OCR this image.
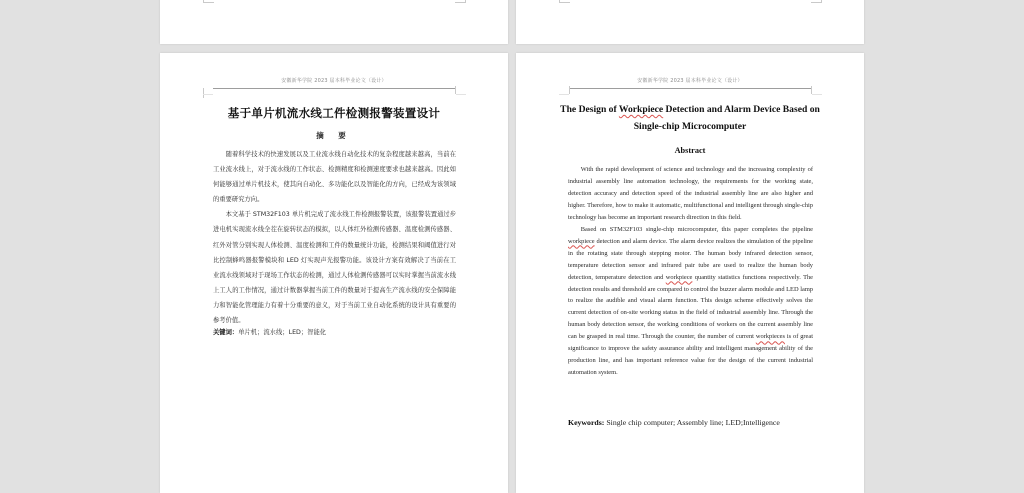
安徽新华学院 2023 届本科毕业论文（设计）
基于单片机流水线工件检测报警装置设计
摘 要

随着科学技术的快速发展以及工业流水线自动化技术的复杂程度越来越高，当前在工业流水线上，对于流水线的工作状态、检测精度和检测速度要求也越来越高。因此如何能够通过单片机技术，使其向自动化、多功能化以及智能化的方向，已经成为该领域的重要研究方向。

本文基于 STM32F103 单片机完成了流水线工件检测报警装置，该报警装置通过步进电机实现流水线全茬在旋转状态的模拟，以人体红外检测传感器、温度检测传感器、红外对管分别实现人体检测、温度检测和工件的数量统计功能，检测结果和阈值进行对比控制蜂鸣器报警模块和 LED 灯实现声光报警功能。该设计方案有效解决了当前在工业流水线领域对于现场工作状态的检测，通过人体检测传感器可以实时掌握当前流水线上工人的工作情况，通过计数器掌握当前工件的数量对于提高生产流水线的安全保障能力和智能化管理能力有着十分重要的意义，对于当前工业自动化系统的设计具有重要的参考价值。

关键词：单片机；流水线；LED；智能化
安徽新华学院 2023 届本科毕业论文（设计）
The Design of Workpiece Detection and Alarm Device Based on Single-chip Microcomputer
Abstract

With the rapid development of science and technology and the increasing complexity of industrial assembly line automation technology, the requirements for the working state, detection accuracy and detection speed of the industrial assembly line are also higher and higher. Therefore, how to make it automatic, multifunctional and intelligent through single-chip technology has become an important research direction in this field.

Based on STM32F103 single-chip microcomputer, this paper completes the pipeline workpiece detection and alarm device. The alarm device realizes the simulation of the pipeline in the rotating state through stepping motor. The human body infrared detection sensor, temperature detection sensor and infrared pair tube are used to realize the human body detection, temperature detection and workpiece quantity statistics functions respectively. The detection results and threshold are compared to control the buzzer alarm module and LED lamp to realize the audible and visual alarm function. This design scheme effectively solves the current detection of on-site working status in the field of industrial assembly line. Through the human body detection sensor, the working conditions of workers on the current assembly line can be grasped in real time. Through the counter, the number of current workpieces is of great significance to improve the safety assurance ability and intelligent management ability of the production line, and has important reference value for the design of the current industrial automation system.

Keywords: Single chip computer; Assembly line; LED;Intelligence
